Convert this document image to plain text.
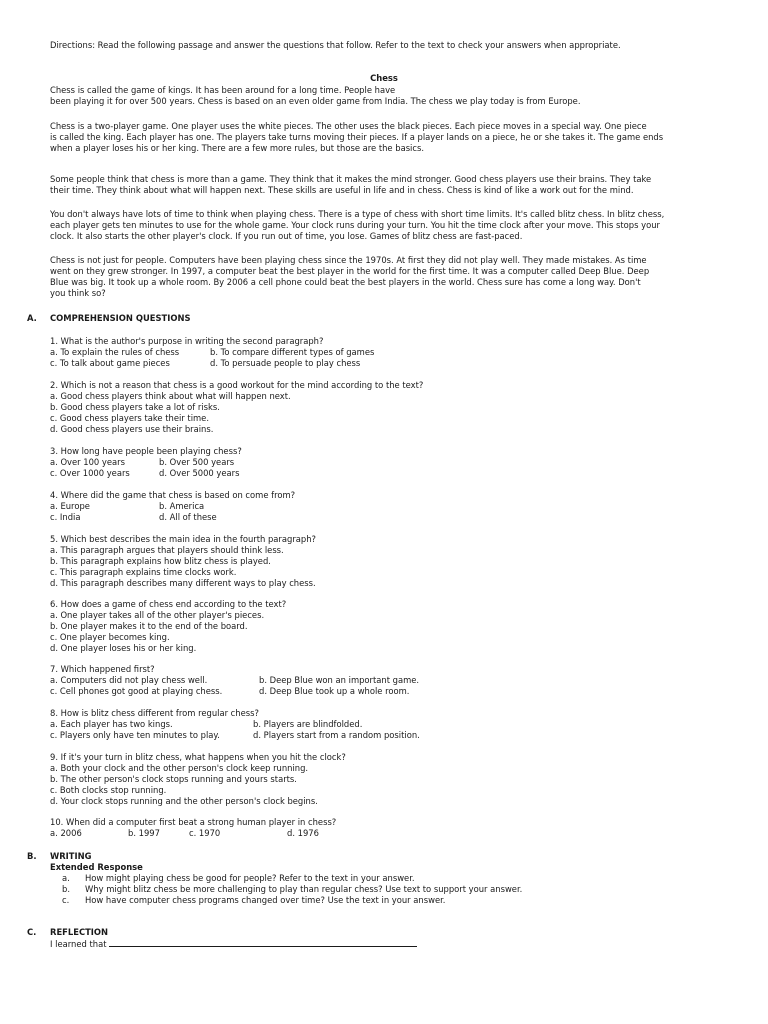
Directions: Read the following passage and answer the questions that follow. Refer to the text to check your answers when appropriate.
Chess
Chess is called the game of kings. It has been around for a long time. People have
been playing it for over 500 years. Chess is based on an even older game from India. The chess we play today is from Europe.
Chess is a two-player game. One player uses the white pieces. The other uses the black pieces. Each piece moves in a special way. One piece
is called the king. Each player has one. The players take turns moving their pieces. If a player lands on a piece, he or she takes it. The game ends
when a player loses his or her king. There are a few more rules, but those are the basics.
Some people think that chess is more than a game. They think that it makes the mind stronger. Good chess players use their brains. They take
their time. They think about what will happen next. These skills are useful in life and in chess. Chess is kind of like a work out for the mind.
You don't always have lots of time to think when playing chess. There is a type of chess with short time limits. It's called blitz chess. In blitz chess,
each player gets ten minutes to use for the whole game. Your clock runs during your turn. You hit the time clock after your move. This stops your
clock. It also starts the other player's clock. If you run out of time, you lose. Games of blitz chess are fast-paced.
Chess is not just for people. Computers have been playing chess since the 1970s. At first they did not play well. They made mistakes. As time
went on they grew stronger. In 1997, a computer beat the best player in the world for the first time. It was a computer called Deep Blue. Deep
Blue was big. It took up a whole room. By 2006 a cell phone could beat the best players in the world. Chess sure has come a long way. Don't
you think so?
A. COMPREHENSION QUESTIONS
1. What is the author's purpose in writing the second paragraph?
a. To explain the rules of chess	b. To compare different types of games
c. To talk about game pieces	d. To persuade people to play chess
2. Which is not a reason that chess is a good workout for the mind according to the text?
a. Good chess players think about what will happen next.
b. Good chess players take a lot of risks.
c. Good chess players take their time.
d. Good chess players use their brains.
3. How long have people been playing chess?
a. Over 100 years	b. Over 500 years
c. Over 1000 years	d. Over 5000 years
4. Where did the game that chess is based on come from?
a. Europe	b. America
c. India	d. All of these
5. Which best describes the main idea in the fourth paragraph?
a. This paragraph argues that players should think less.
b. This paragraph explains how blitz chess is played.
c. This paragraph explains time clocks work.
d. This paragraph describes many different ways to play chess.
6. How does a game of chess end according to the text?
a. One player takes all of the other player's pieces.
b. One player makes it to the end of the board.
c. One player becomes king.
d. One player loses his or her king.
7. Which happened first?
a. Computers did not play chess well.	b. Deep Blue won an important game.
c. Cell phones got good at playing chess.	d. Deep Blue took up a whole room.
8. How is blitz chess different from regular chess?
a. Each player has two kings.	b. Players are blindfolded.
c. Players only have ten minutes to play.	d. Players start from a random position.
9. If it's your turn in blitz chess, what happens when you hit the clock?
a. Both your clock and the other person's clock keep running.
b. The other person's clock stops running and yours starts.
c. Both clocks stop running.
d. Your clock stops running and the other person's clock begins.
10. When did a computer first beat a strong human player in chess?
a. 2006	b. 1997	c. 1970	d. 1976
B. WRITING
Extended Response
a. How might playing chess be good for people? Refer to the text in your answer.
b. Why might blitz chess be more challenging to play than regular chess? Use text to support your answer.
c. How have computer chess programs changed over time? Use the text in your answer.
C. REFLECTION
I learned that
